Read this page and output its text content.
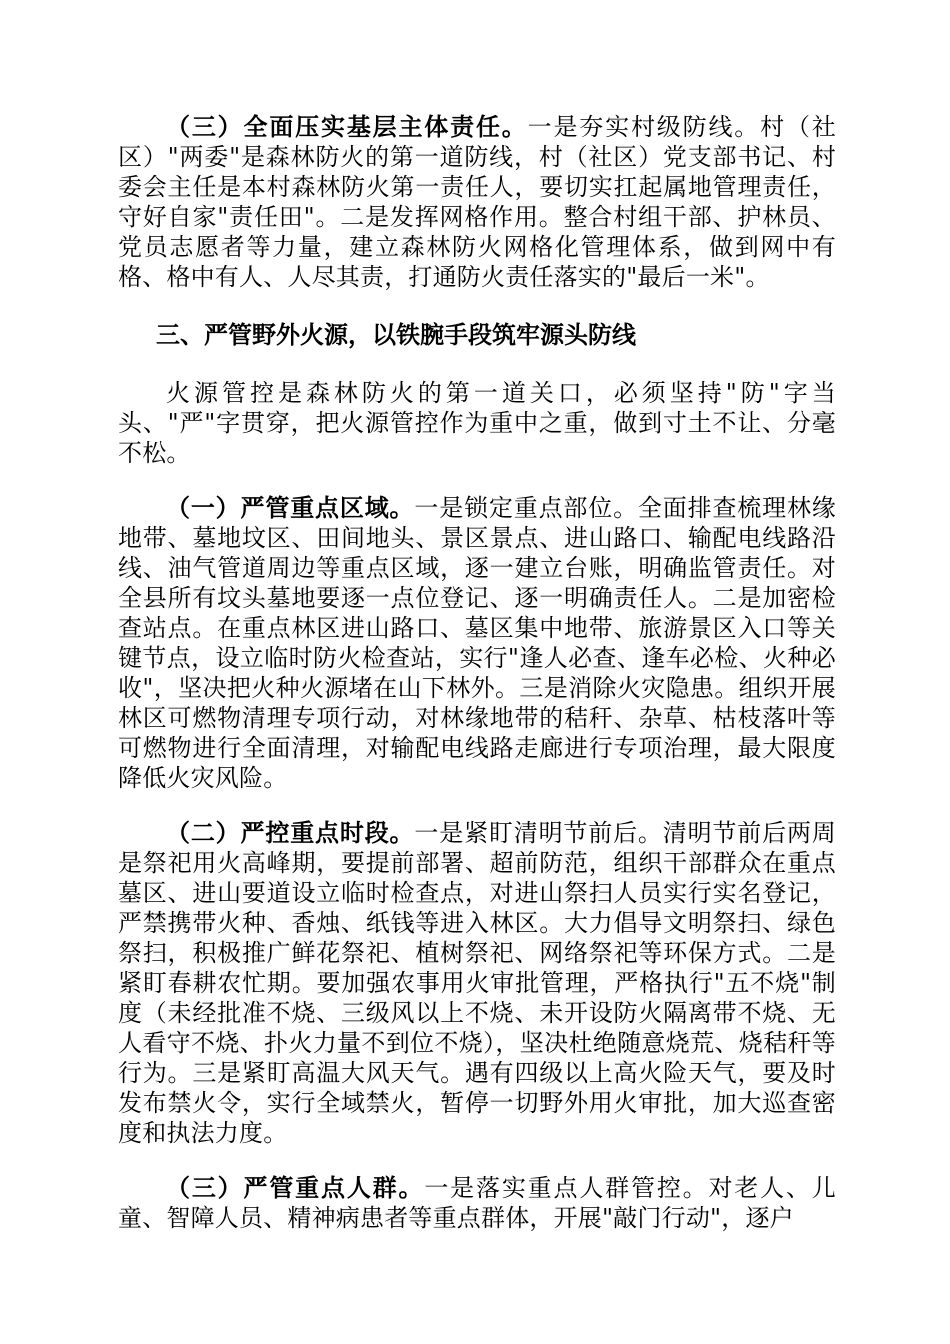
（三）全面压实基层主体责任。一是夯实村级防线。村（社区）"两委"是森林防火的第一道防线，村（社区）党支部书记、村委会主任是本村森林防火第一责任人，要切实扛起属地管理责任，守好自家"责任田"。二是发挥网格作用。整合村组干部、护林员、党员志愿者等力量，建立森林防火网格化管理体系，做到网中有格、格中有人、人尽其责，打通防火责任落实的"最后一米"。

三、严管野外火源，以铁腕手段筑牢源头防线

火源管控是森林防火的第一道关口，必须坚持"防"字当头、"严"字贯穿，把火源管控作为重中之重，做到寸土不让、分毫不松。

（一）严管重点区域。一是锁定重点部位。全面排查梳理林缘地带、墓地坟区、田间地头、景区景点、进山路口、输配电线路沿线、油气管道周边等重点区域，逐一建立台账，明确监管责任。对全县所有坟头墓地要逐一点位登记、逐一明确责任人。二是加密检查站点。在重点林区进山路口、墓区集中地带、旅游景区入口等关键节点，设立临时防火检查站，实行"逢人必查、逢车必检、火种必收"，坚决把火种火源堵在山下林外。三是消除火灾隐患。组织开展林区可燃物清理专项行动，对林缘地带的秸秆、杂草、枯枝落叶等可燃物进行全面清理，对输配电线路走廊进行专项治理，最大限度降低火灾风险。

（二）严控重点时段。一是紧盯清明节前后。清明节前后两周是祭祀用火高峰期，要提前部署、超前防范，组织干部群众在重点墓区、进山要道设立临时检查点，对进山祭扫人员实行实名登记，严禁携带火种、香烛、纸钱等进入林区。大力倡导文明祭扫、绿色祭扫，积极推广鲜花祭祀、植树祭祀、网络祭祀等环保方式。二是紧盯春耕农忙期。要加强农事用火审批管理，严格执行"五不烧"制度（未经批准不烧、三级风以上不烧、未开设防火隔离带不烧、无人看守不烧、扑火力量不到位不烧），坚决杜绝随意烧荒、烧秸秆等行为。三是紧盯高温大风天气。遇有四级以上高火险天气，要及时发布禁火令，实行全域禁火，暂停一切野外用火审批，加大巡查密度和执法力度。

（三）严管重点人群。一是落实重点人群管控。对老人、儿童、智障人员、精神病患者等重点群体，开展"敲门行动"，逐户
